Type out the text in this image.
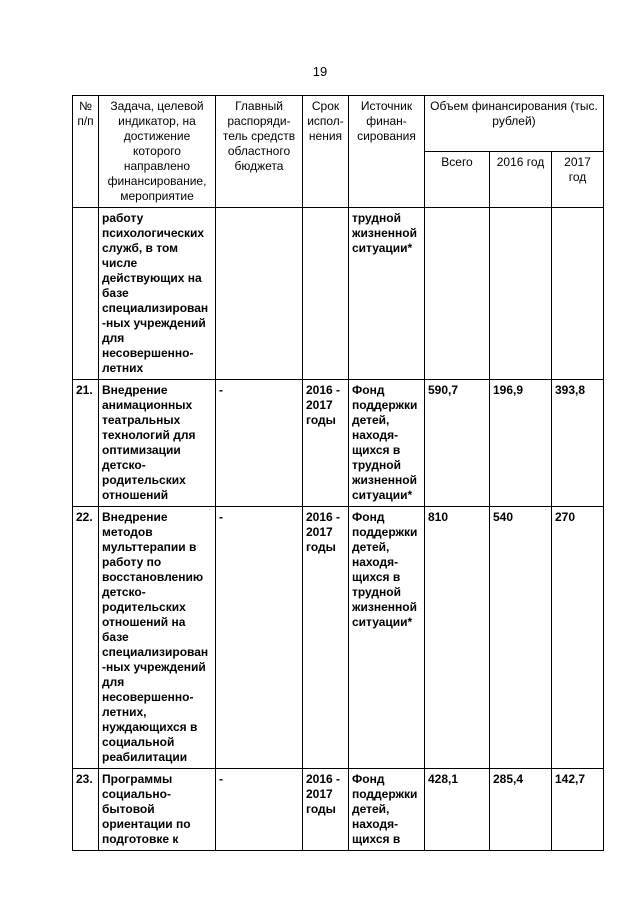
19
№ п/п	Задача, целевой индикатор, на достижение которого направлено финансирование, мероприятие	Главный распоряди-тель средств областного бюджета	Срок испол-нения	Источник финан-сирования	Объем финансирования (тыс. рублей)		
					Всего	2016 год	2017 год
	работу психологических служб, в том числе действующих на базе специализирован-ных учреждений для несовершенно-летних			трудной жизненной ситуации*			
21.	Внедрение анимационных театральных технологий для оптимизации детско-родительских отношений	-	2016 - 2017 годы	Фонд поддержки детей, находя-щихся в трудной жизненной ситуации*	590,7	196,9	393,8
22.	Внедрение методов мульттерапии в работу по восстановлению детско-родительских отношений на базе специализирован-ных учреждений для несовершенно-летних, нуждающихся в социальной реабилитации	-	2016 - 2017 годы	Фонд поддержки детей, находя-щихся в трудной жизненной ситуации*	810	540	270
23.	Программы социально-бытовой ориентации по подготовке к	-	2016 - 2017 годы	Фонд поддержки детей, находя-щихся в	428,1	285,4	142,7
